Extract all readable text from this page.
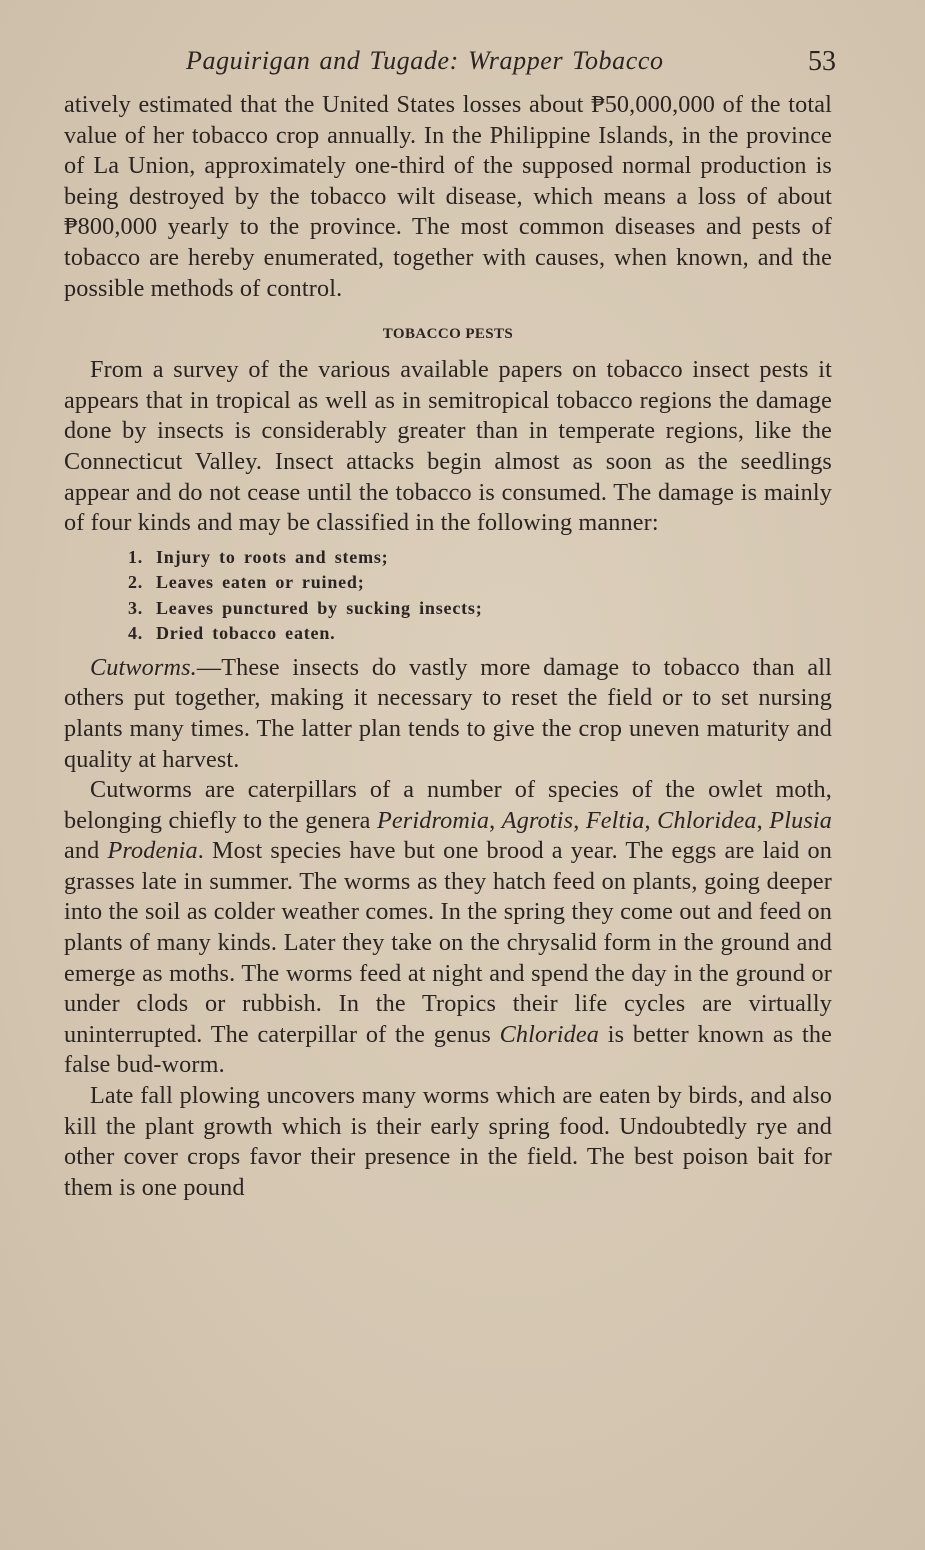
Paguirigan and Tugade: Wrapper Tobacco	53

atively estimated that the United States losses about ₱50,000,000 of the total value of her tobacco crop annually. In the Philippine Islands, in the province of La Union, approximately one-third of the supposed normal production is being destroyed by the tobacco wilt disease, which means a loss of about ₱800,000 yearly to the province. The most common diseases and pests of tobacco are hereby enumerated, together with causes, when known, and the possible methods of control.

TOBACCO PESTS

From a survey of the various available papers on tobacco insect pests it appears that in tropical as well as in semitropical tobacco regions the damage done by insects is considerably greater than in temperate regions, like the Connecticut Valley. Insect attacks begin almost as soon as the seedlings appear and do not cease until the tobacco is consumed. The damage is mainly of four kinds and may be classified in the following manner:

1. Injury to roots and stems;
2. Leaves eaten or ruined;
3. Leaves punctured by sucking insects;
4. Dried tobacco eaten.

Cutworms.—These insects do vastly more damage to tobacco than all others put together, making it necessary to reset the field or to set nursing plants many times. The latter plan tends to give the crop uneven maturity and quality at harvest.

Cutworms are caterpillars of a number of species of the owlet moth, belonging chiefly to the genera Peridromia, Agrotis, Feltia, Chloridea, Plusia and Prodenia. Most species have but one brood a year. The eggs are laid on grasses late in summer. The worms as they hatch feed on plants, going deeper into the soil as colder weather comes. In the spring they come out and feed on plants of many kinds. Later they take on the chrysalid form in the ground and emerge as moths. The worms feed at night and spend the day in the ground or under clods or rubbish. In the Tropics their life cycles are virtually uninterrupted. The caterpillar of the genus Chloridea is better known as the false bud-worm.

Late fall plowing uncovers many worms which are eaten by birds, and also kill the plant growth which is their early spring food. Undoubtedly rye and other cover crops favor their presence in the field. The best poison bait for them is one pound
